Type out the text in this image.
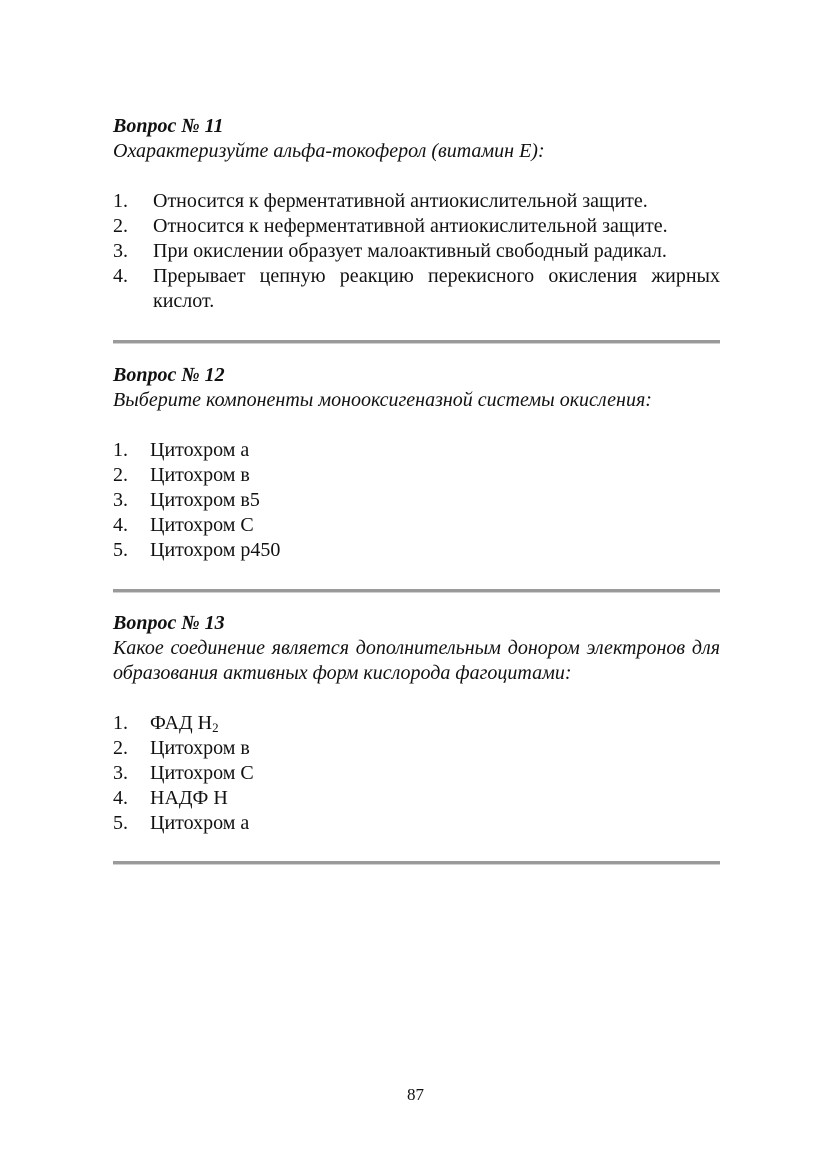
Вопрос № 11

Охарактеризуйте альфа-токоферол (витамин Е):

1.	Относится к ферментативной антиокислительной защите.
2.	Относится к неферментативной антиокислительной защите.
3.	При окислении образует малоактивный свободный радикал.
4.	Прерывает цепную реакцию перекисного окисления жирных кислот.

Вопрос № 12

Выберите компоненты монооксигеназной системы окисления:

1.	Цитохром а
2.	Цитохром в
3.	Цитохром в5
4.	Цитохром С
5.	Цитохром р450

Вопрос № 13

Какое соединение является дополнительным донором электронов для образования активных форм кислорода фагоцитами:

1.	ФАД $Н_2$
2.	Цитохром в
3.	Цитохром С
4.	НАДФ Н
5.	Цитохром а
87
